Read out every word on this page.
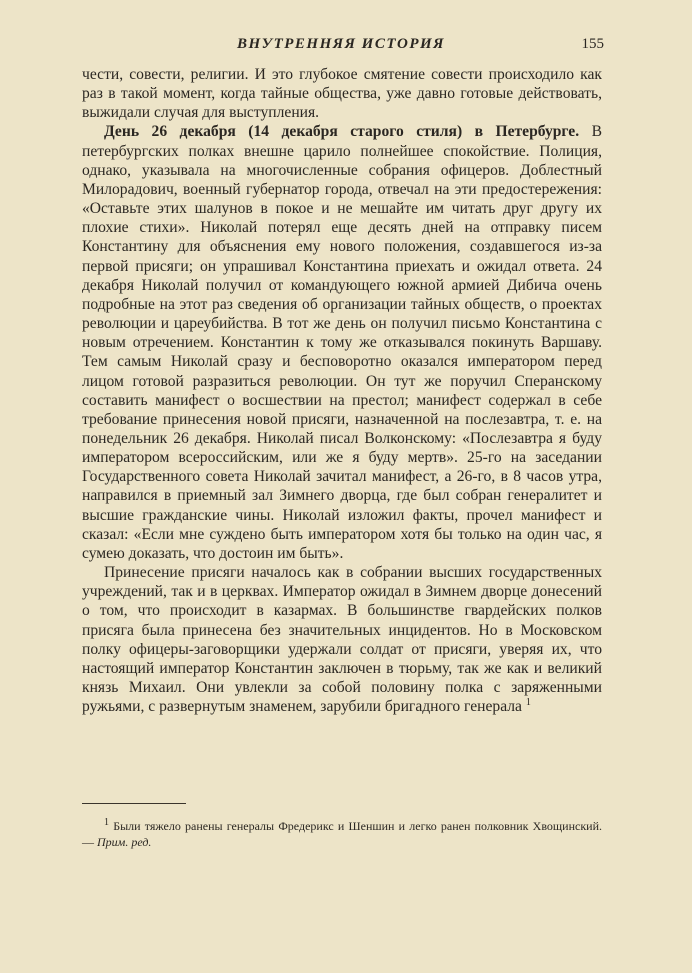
ВНУТРЕННЯЯ ИСТОРИЯ	155

чести, совести, религии. И это глубокое смятение совести происходило как раз в такой момент, когда тайные общества, уже давно готовые действовать, выжидали случая для выступления.

День 26 декабря (14 декабря старого стиля) в Петербурге. В петербургских полках внешне царило полнейшее спокойствие. Полиция, однако, указывала на многочисленные собрания офицеров. Доблестный Милорадович, военный губернатор города, отвечал на эти предостережения: «Оставьте этих шалунов в покое и не мешайте им читать друг другу их плохие стихи». Николай потерял еще десять дней на отправку писем Константину для объяснения ему нового положения, создавшегося из-за первой присяги; он упрашивал Константина приехать и ожидал ответа. 24 декабря Николай получил от командующего южной армией Дибича очень подробные на этот раз сведения об организации тайных обществ, о проектах революции и цареубийства. В тот же день он получил письмо Константина с новым отречением. Константин к тому же отказывался покинуть Варшаву. Тем самым Николай сразу и бесповоротно оказался императором перед лицом готовой разразиться революции. Он тут же поручил Сперанскому составить манифест о восшествии на престол; манифест содержал в себе требование принесения новой присяги, назначенной на послезавтра, т. е. на понедельник 26 декабря. Николай писал Волконскому: «Послезавтра я буду императором всероссийским, или же я буду мертв». 25-го на заседании Государственного совета Николай зачитал манифест, а 26-го, в 8 часов утра, направился в приемный зал Зимнего дворца, где был собран генералитет и высшие гражданские чины. Николай изложил факты, прочел манифест и сказал: «Если мне суждено быть императором хотя бы только на один час, я сумею доказать, что достоин им быть».

Принесение присяги началось как в собрании высших государственных учреждений, так и в церквах. Император ожидал в Зимнем дворце донесений о том, что происходит в казармах. В большинстве гвардейских полков присяга была принесена без значительных инцидентов. Но в Московском полку офицеры-заговорщики удержали солдат от присяги, уверяя их, что настоящий император Константин заключен в тюрьму, так же как и великий князь Михаил. Они увлекли за собой половину полка с заряженными ружьями, с развернутым знаменем, зарубили бригадного генерала $^1$

$^1$ Были тяжело ранены генералы Фредерикс и Шеншин и легко ранен полковник Хвощинский. — Прим. ред.
